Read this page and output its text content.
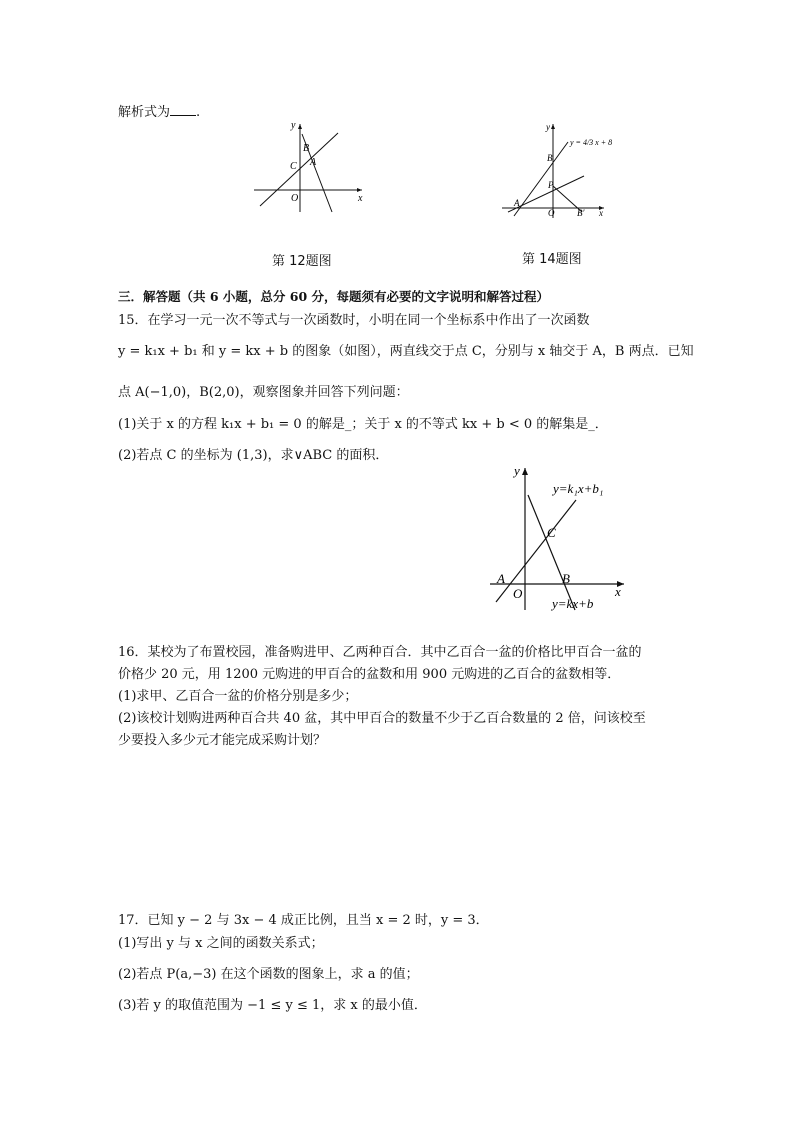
解析式为 .
y
B
C A
O	x
第 12题图
y
y = 4/3 x + 8
B
P
A
O	B′ x
第 14题图
三．解答题（共 6 小题，总分 60 分，每题须有必要的文字说明和解答过程）
15．在学习一元一次不等式与一次函数时，小明在同一个坐标系中作出了一次函数
y = k₁x + b₁ 和 y = kx + b 的图象（如图），两直线交于点 C，分别与 x 轴交于 A，B 两点．已知
点 A(−1,0)，B(2,0)，观察图象并回答下列问题：
(1)关于 x 的方程 k₁x + b₁ = 0 的解是_；关于 x 的不等式 kx + b < 0 的解集是_．
(2)若点 C 的坐标为 (1,3)，求∨ABC 的面积．
y
y=k₁x+b₁
C
A	B
O	x
y=kx+b
16．某校为了布置校园，准备购进甲、乙两种百合．其中乙百合一盆的价格比甲百合一盆的
价格少 20 元，用 1200 元购进的甲百合的盆数和用 900 元购进的乙百合的盆数相等．
(1)求甲、乙百合一盆的价格分别是多少；
(2)该校计划购进两种百合共 40 盆，其中甲百合的数量不少于乙百合数量的 2 倍，问该校至
少要投入多少元才能完成采购计划？
17．已知 y − 2 与 3x − 4 成正比例，且当 x = 2 时，y = 3．
(1)写出 y 与 x 之间的函数关系式；
(2)若点 P(a,−3) 在这个函数的图象上，求 a 的值；
(3)若 y 的取值范围为 −1 ≤ y ≤ 1，求 x 的最小值．
